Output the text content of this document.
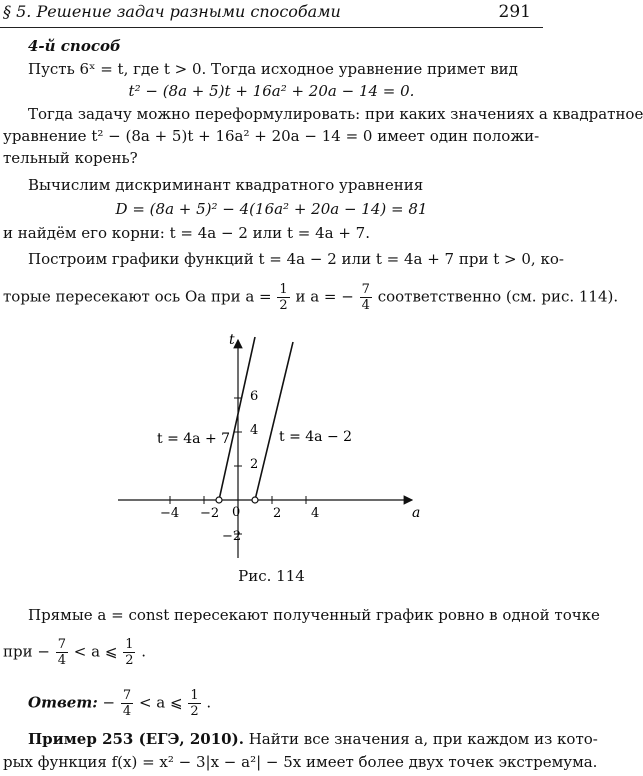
§ 5. Решение задач разными способами	291
4-й способ
Пусть 6ˣ = t, где t > 0. Тогда исходное уравнение примет вид
t² − (8a + 5)t + 16a² + 20a − 14 = 0.
Тогда задачу можно переформулировать: при каких значениях a квадратное
уравнение t² − (8a + 5)t + 16a² + 20a − 14 = 0 имеет один положи-
тельный корень?
Вычислим дискриминант квадратного уравнения
D = (8a + 5)² − 4(16a² + 20a − 14) = 81
и найдём его корни: t = 4a − 2 или t = 4a + 7.
Построим графики функций t = 4a − 2 или t = 4a + 7 при t > 0, ко-
торые пересекают ось Oa при $a = \frac{1}{2}$ и a = − $\frac{7}{4}$ соответственно (см. рис. 114).
a
t
0
−4 −2	2 4
6
4
2
−2
t = 4a + 7	t = 4a − 2
Рис. 114
Прямые a = const пересекают полученный график ровно в одной точке
при − $\frac{7}{4} < a$ ⩽ $\frac{1}{2}$ .
Ответ: − $\frac{7}{4} < a$ ⩽ $\frac{1}{2}$ .
Пример 253 (ЕГЭ, 2010). Найти все значения a, при каждом из кото-
рых функция f(x) = x² − 3|x − a²| − 5x имеет более двух точек экстремума.
